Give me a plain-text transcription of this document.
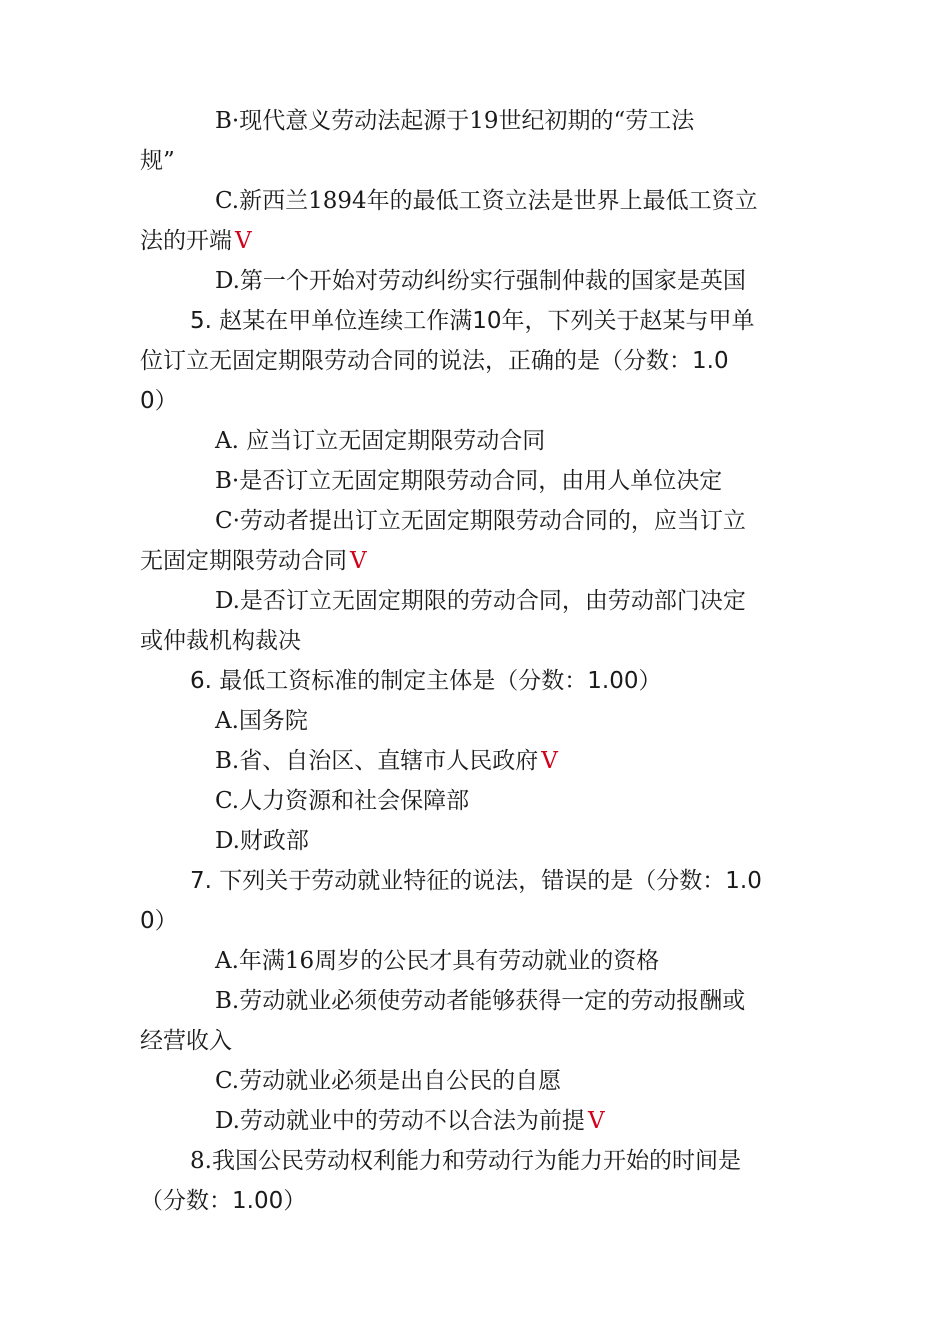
B·现代意义劳动法起源于19世纪初期的“劳工法
规”
C.新西兰1894年的最低工资立法是世界上最低工资立
法的开端 V
D.第一个开始对劳动纠纷实行强制仲裁的国家是英国
5. 赵某在甲单位连续工作满10年，下列关于赵某与甲单
位订立无固定期限劳动合同的说法，正确的是（分数：1.0
0）
A. 应当订立无固定期限劳动合同
B·是否订立无固定期限劳动合同，由用人单位决定
C·劳动者提出订立无固定期限劳动合同的，应当订立
无固定期限劳动合同 V
D.是否订立无固定期限的劳动合同，由劳动部门决定
或仲裁机构裁决
6. 最低工资标准的制定主体是（分数：1.00）
A.国务院
B.省、自治区、直辖市人民政府 V
C.人力资源和社会保障部
D.财政部
7. 下列关于劳动就业特征的说法，错误的是（分数：1.0
0）
A.年满16周岁的公民才具有劳动就业的资格
B.劳动就业必须使劳动者能够获得一定的劳动报酬或
经营收入
C.劳动就业必须是出自公民的自愿
D.劳动就业中的劳动不以合法为前提 V
8.我国公民劳动权利能力和劳动行为能力开始的时间是
（分数：1.00）
